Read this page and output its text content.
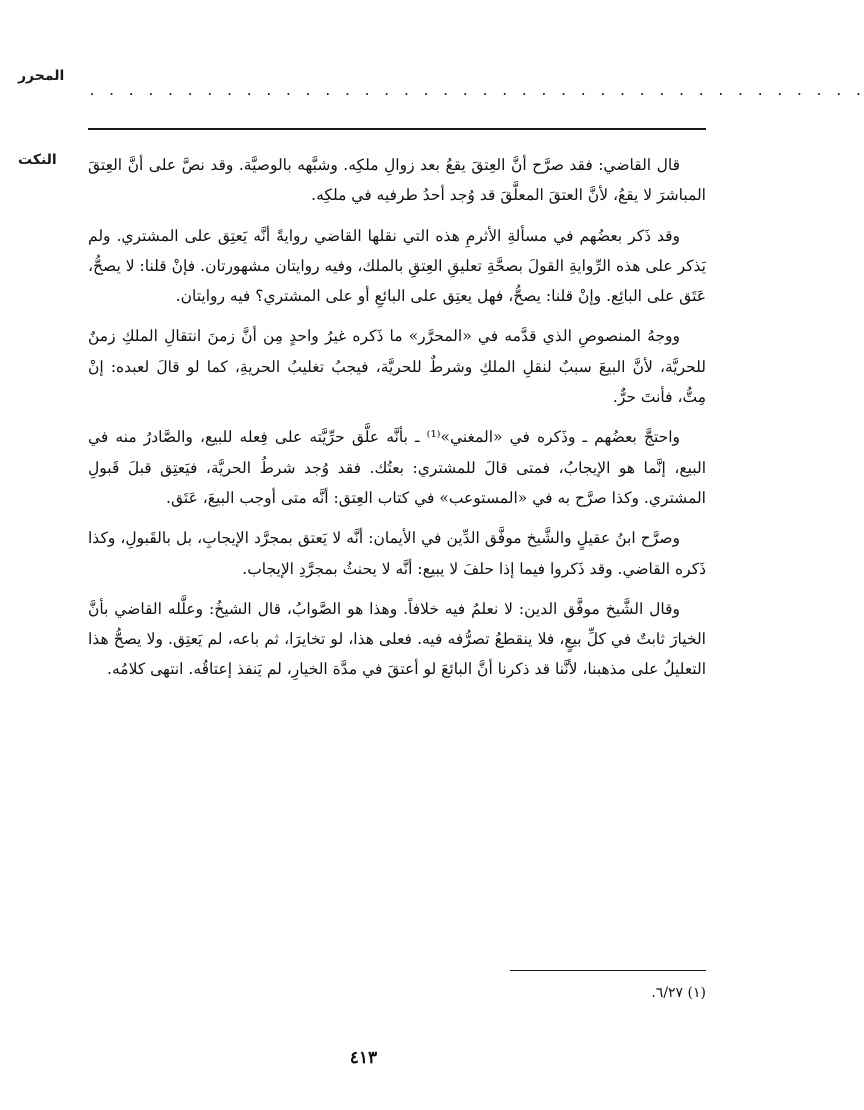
المحرر
. . . . . . . . . . . . . . . . . . . . . . . . . . . . . . . . . . . . . . . .
النكت قال القاضي: فقد صرَّح أنَّ العِتقَ يقعُ بعد زوالِ ملكِه. وشبَّهه بالوصيَّة. وقد نصَّ على أنَّ العِتقَ المباشرَ لا يقعُ، لأنَّ العتقَ المعلَّقَ قد وُجد أحدُ طرفيه في ملكِه.

وقد ذَكر بعضُهم في مسألةِ الأثرمِ هذه التي نقلها القاضي روايةً أنَّه يَعتِق على المشتري. ولم يَذكر على هذه الرِّوايةِ القولَ بصحَّةِ تعليقِ العِتقِ بالملك، وفيه روايتان مشهورتان. فإنْ قلنا: لا يصحُّ، عَتَق على البائِع. وإنْ قلنا: يصحُّ، فهل يعتِق على البائعِ أو على المشتري؟ فيه روايتان.

ووجهُ المنصوصِ الذي قدَّمه في «المحرَّر» ما ذَكره غيرُ واحدٍ مِن أنَّ زمنَ انتقالِ الملكِ زمنٌ للحريَّة، لأنَّ البيعَ سببٌ لنقلِ الملكِ وشرطٌ للحريَّة، فيجبُ تغليبُ الحريةِ، كما لو قالَ لعبده: إنْ مِتُّ، فأنتَ حرٌّ.

واحتجَّ بعضُهم ـ وذَكره في «المغني»⁽¹⁾ ـ بأنَّه علَّق حرِّيَّته على فِعله للبيع، والصَّادرُ منه في البيع، إنَّما هو الإيجابُ، فمتى قالَ للمشتري: بعتُك. فقد وُجد شرطُ الحريَّة، فيَعتِق قبلَ قَبولِ المشتري. وكذا صرَّح به في «المستوعب» في كتاب العِتق: أنَّه متى أوجب البيعَ، عَتَق.

وصرَّح ابنُ عقيلٍ والشَّيخ موفَّق الدِّين في الأيمان: أنَّه لا يَعتق بمجرَّد الإيجابِ، بل بالقَبولِ، وكذا ذَكره القاضي. وقد ذَكروا فيما إذا حلفَ لا يبيع: أنَّه لا يحنثُ بمجرَّدِ الإيجاب.

وقال الشَّيخ موفَّق الدين: لا نعلمُ فيه خلافاً. وهذا هو الصَّوابُ، قال الشيخُ: وعلَّله القاضي بأنَّ الخيارَ ثابتٌ في كلِّ بيعٍ، فلا ينقطعُ تصرُّفه فيه. فعلى هذا، لو تخايرَا، ثم باعه، لم يَعتِق. ولا يصحُّ هذا التعليلُ على مذهبنا، لأنَّنا قد ذكرنا أنَّ البائعَ لو أعتقَ في مدَّة الخيارِ، لم يَنفذ إعتاقُه. انتهى كلامُه.

(١) ٦/٢٧.
٤١٣
